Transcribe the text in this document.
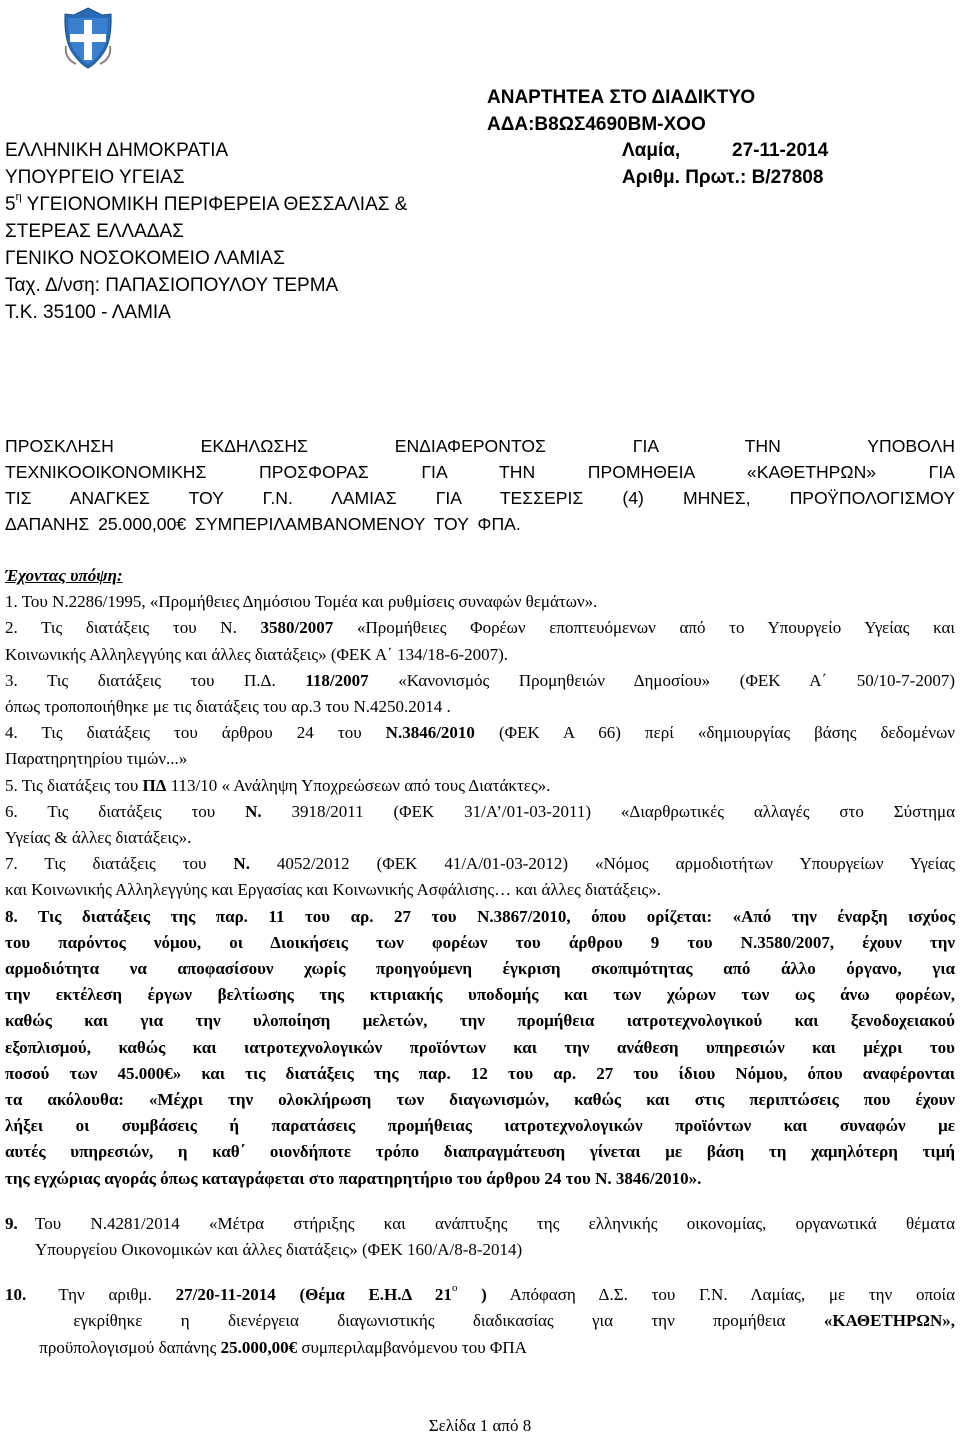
ΑΝΑΡΤΗΤΕΑ ΣΤΟ ΔΙΑΔΙΚΤΥΟ
ΑΔΑ:Β8ΩΣ4690ΒΜ-ΧΟΟ
ΕΛΛΗΝΙΚΗ ΔΗΜΟΚΡΑΤΙΑ
ΥΠΟΥΡΓΕΙΟ ΥΓΕΙΑΣ
$5^\eta$ ΥΓΕΙΟΝΟΜΙΚΗ ΠΕΡΙΦΕΡΕΙΑ ΘΕΣΣΑΛΙΑΣ &
ΣΤΕΡΕΑΣ ΕΛΛΑΔΑΣ
ΓΕΝΙΚΟ ΝΟΣΟΚΟΜΕΙΟ ΛΑΜΙΑΣ
Ταχ. Δ/νση: ΠΑΠΑΣΙΟΠΟΥΛΟΥ ΤΕΡΜΑ
Τ.Κ. 35100 - ΛΑΜΙΑ
Λαμία,	27-11-2014
Αριθμ. Πρωτ.:
Β/27808
ΠΡΟΣΚΛΗΣΗ ΕΚΔΗΛΩΣΗΣ ΕΝΔΙΑΦΕΡΟΝΤΟΣ ΓΙΑ ΤΗΝ ΥΠΟΒΟΛΗ
ΤΕΧΝΙΚΟΟΙΚΟΝΟΜΙΚΗΣ ΠΡΟΣΦΟΡΑΣ ΓΙΑ ΤΗΝ ΠΡΟΜΗΘΕΙΑ «ΚΑΘΕΤΗΡΩΝ» ΓΙΑ
ΤΙΣ ΑΝΑΓΚΕΣ ΤΟΥ Γ.Ν. ΛΑΜΙΑΣ ΓΙΑ ΤΕΣΣΕΡΙΣ (4) ΜΗΝΕΣ, ΠΡΟΫΠΟΛΟΓΙΣΜΟΥ
ΔΑΠΑΝΗΣ 25.000,00€ ΣΥΜΠΕΡΙΛΑΜΒΑΝΟΜΕΝΟΥ ΤΟΥ ΦΠΑ.
Έχοντας υπόψη:
1. Του Ν.2286/1995, «Προμήθειες Δημόσιου Τομέα και ρυθμίσεις συναφών θεμάτων».
2. Τις διατάξεις του Ν. 3580/2007 «Προμήθειες Φορέων εποπτευόμενων από το Υπουργείο Υγείας και
Κοινωνικής Αλληλεγγύης και άλλες διατάξεις» (ΦΕΚ Α΄ 134/18-6-2007).
3. Τις διατάξεις του Π.Δ. 118/2007 «Κανονισμός Προμηθειών Δημοσίου» (ΦΕΚ Α΄ 50/10-7-2007)
όπως τροποποιήθηκε με τις διατάξεις του αρ.3 του Ν.4250.2014 .
4. Τις διατάξεις του άρθρου 24 του Ν.3846/2010 (ΦΕΚ Α 66) περί «δημιουργίας βάσης δεδομένων
Παρατηρητηρίου τιμών...»
5. Τις διατάξεις του ΠΔ 113/10 « Ανάληψη Υποχρεώσεων από τους Διατάκτες».
6. Τις διατάξεις του Ν. 3918/2011 (ΦΕΚ 31/Α’/01-03-2011) «Διαρθρωτικές αλλαγές στο Σύστημα
Υγείας & άλλες διατάξεις».
7. Τις διατάξεις του Ν. 4052/2012 (ΦΕΚ 41/Α/01-03-2012) «Νόμος αρμοδιοτήτων Υπουργείων Υγείας
και Κοινωνικής Αλληλεγγύης και Εργασίας και Κοινωνικής Ασφάλισης… και άλλες διατάξεις».
8. Τις διατάξεις της παρ. 11 του αρ. 27 του Ν.3867/2010, όπου ορίζεται: «Από την έναρξη ισχύος
του παρόντος νόμου, οι Διοικήσεις των φορέων του άρθρου 9 του Ν.3580/2007, έχουν την
αρμοδιότητα να αποφασίσουν χωρίς προηγούμενη έγκριση σκοπιμότητας από άλλο όργανο, για
την εκτέλεση έργων βελτίωσης της κτιριακής υποδομής και των χώρων των ως άνω φορέων,
καθώς και για την υλοποίηση μελετών, την προμήθεια ιατροτεχνολογικού και ξενοδοχειακού
εξοπλισμού, καθώς και ιατροτεχνολογικών προϊόντων και την ανάθεση υπηρεσιών και μέχρι του
ποσού των 45.000€» και τις διατάξεις της παρ. 12 του αρ. 27 του ίδιου Νόμου, όπου αναφέρονται
τα ακόλουθα: «Μέχρι την ολοκλήρωση των διαγωνισμών, καθώς και στις περιπτώσεις που έχουν
λήξει οι συμβάσεις ή παρατάσεις προμήθειας ιατροτεχνολογικών προϊόντων και συναφών με
αυτές υπηρεσιών, η καθ΄ οιονδήποτε τρόπο διαπραγμάτευση γίνεται με βάση τη χαμηλότερη τιμή
της εγχώριας αγοράς όπως καταγράφεται στο παρατηρητήριο του άρθρου 24 του Ν. 3846/2010».
9. Του Ν.4281/2014 «Μέτρα στήριξης και ανάπτυξης της ελληνικής οικονομίας, οργανωτικά θέματα
Υπουργείου Οικονομικών και άλλες διατάξεις» (ΦΕΚ 160/Α/8-8-2014)
10. Την αριθμ. 27/20-11-2014 (Θέμα Ε.Η.Δ $21^o$ ) Απόφαση Δ.Σ. του Γ.Ν. Λαμίας, με την οποία
εγκρίθηκε η διενέργεια διαγωνιστικής διαδικασίας για την προμήθεια «ΚΑΘΕΤΗΡΩΝ»,
προϋπολογισμού δαπάνης 25.000,00€ συμπεριλαμβανόμενου του ΦΠΑ
Σελίδα 1 από 8
